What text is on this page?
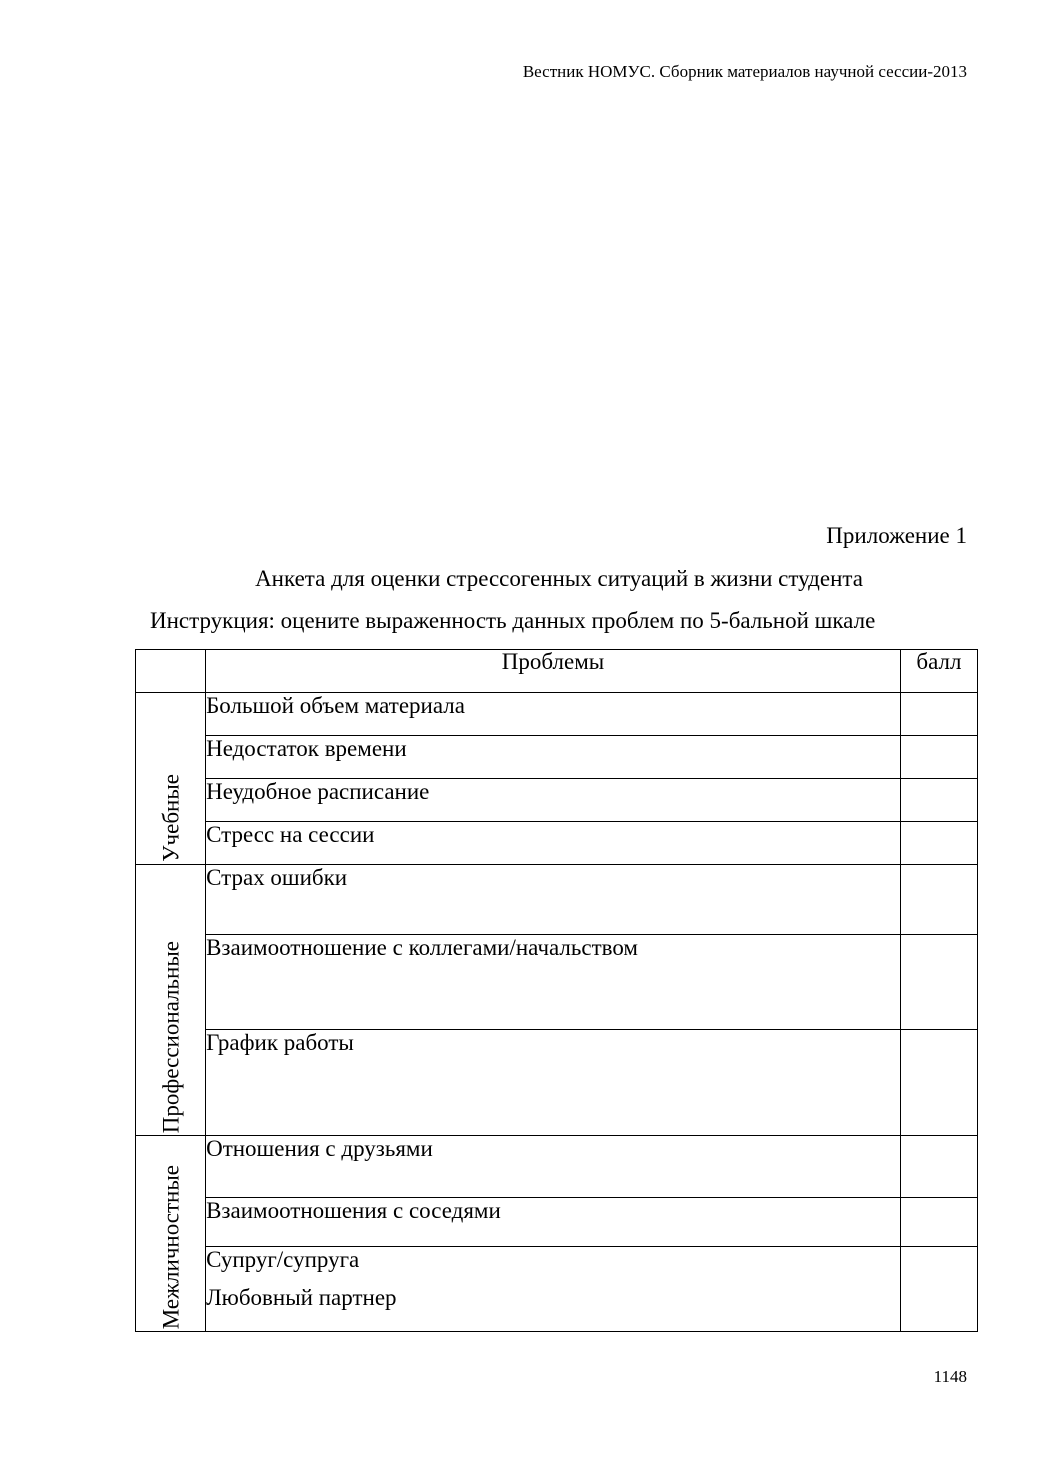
Вестник НОМУС. Сборник материалов научной сессии-2013
Приложение 1
Анкета для оценки стрессогенных ситуаций в жизни студента
Инструкция: оцените выраженность данных проблем по 5-бальной шкале
	Проблемы	балл

Учебные	Большой объем материала	
	Недостаток времени	
	Неудобное расписание	
	Стресс на сессии	

Профессиональные	Страх ошибки	
	Взаимоотношение с коллегами/начальством	
	График работы	

Межличностные	Отношения с друзьями	
	Взаимоотношения с соседями	

	Супруг/супруга
Любовный партнер	

1148
